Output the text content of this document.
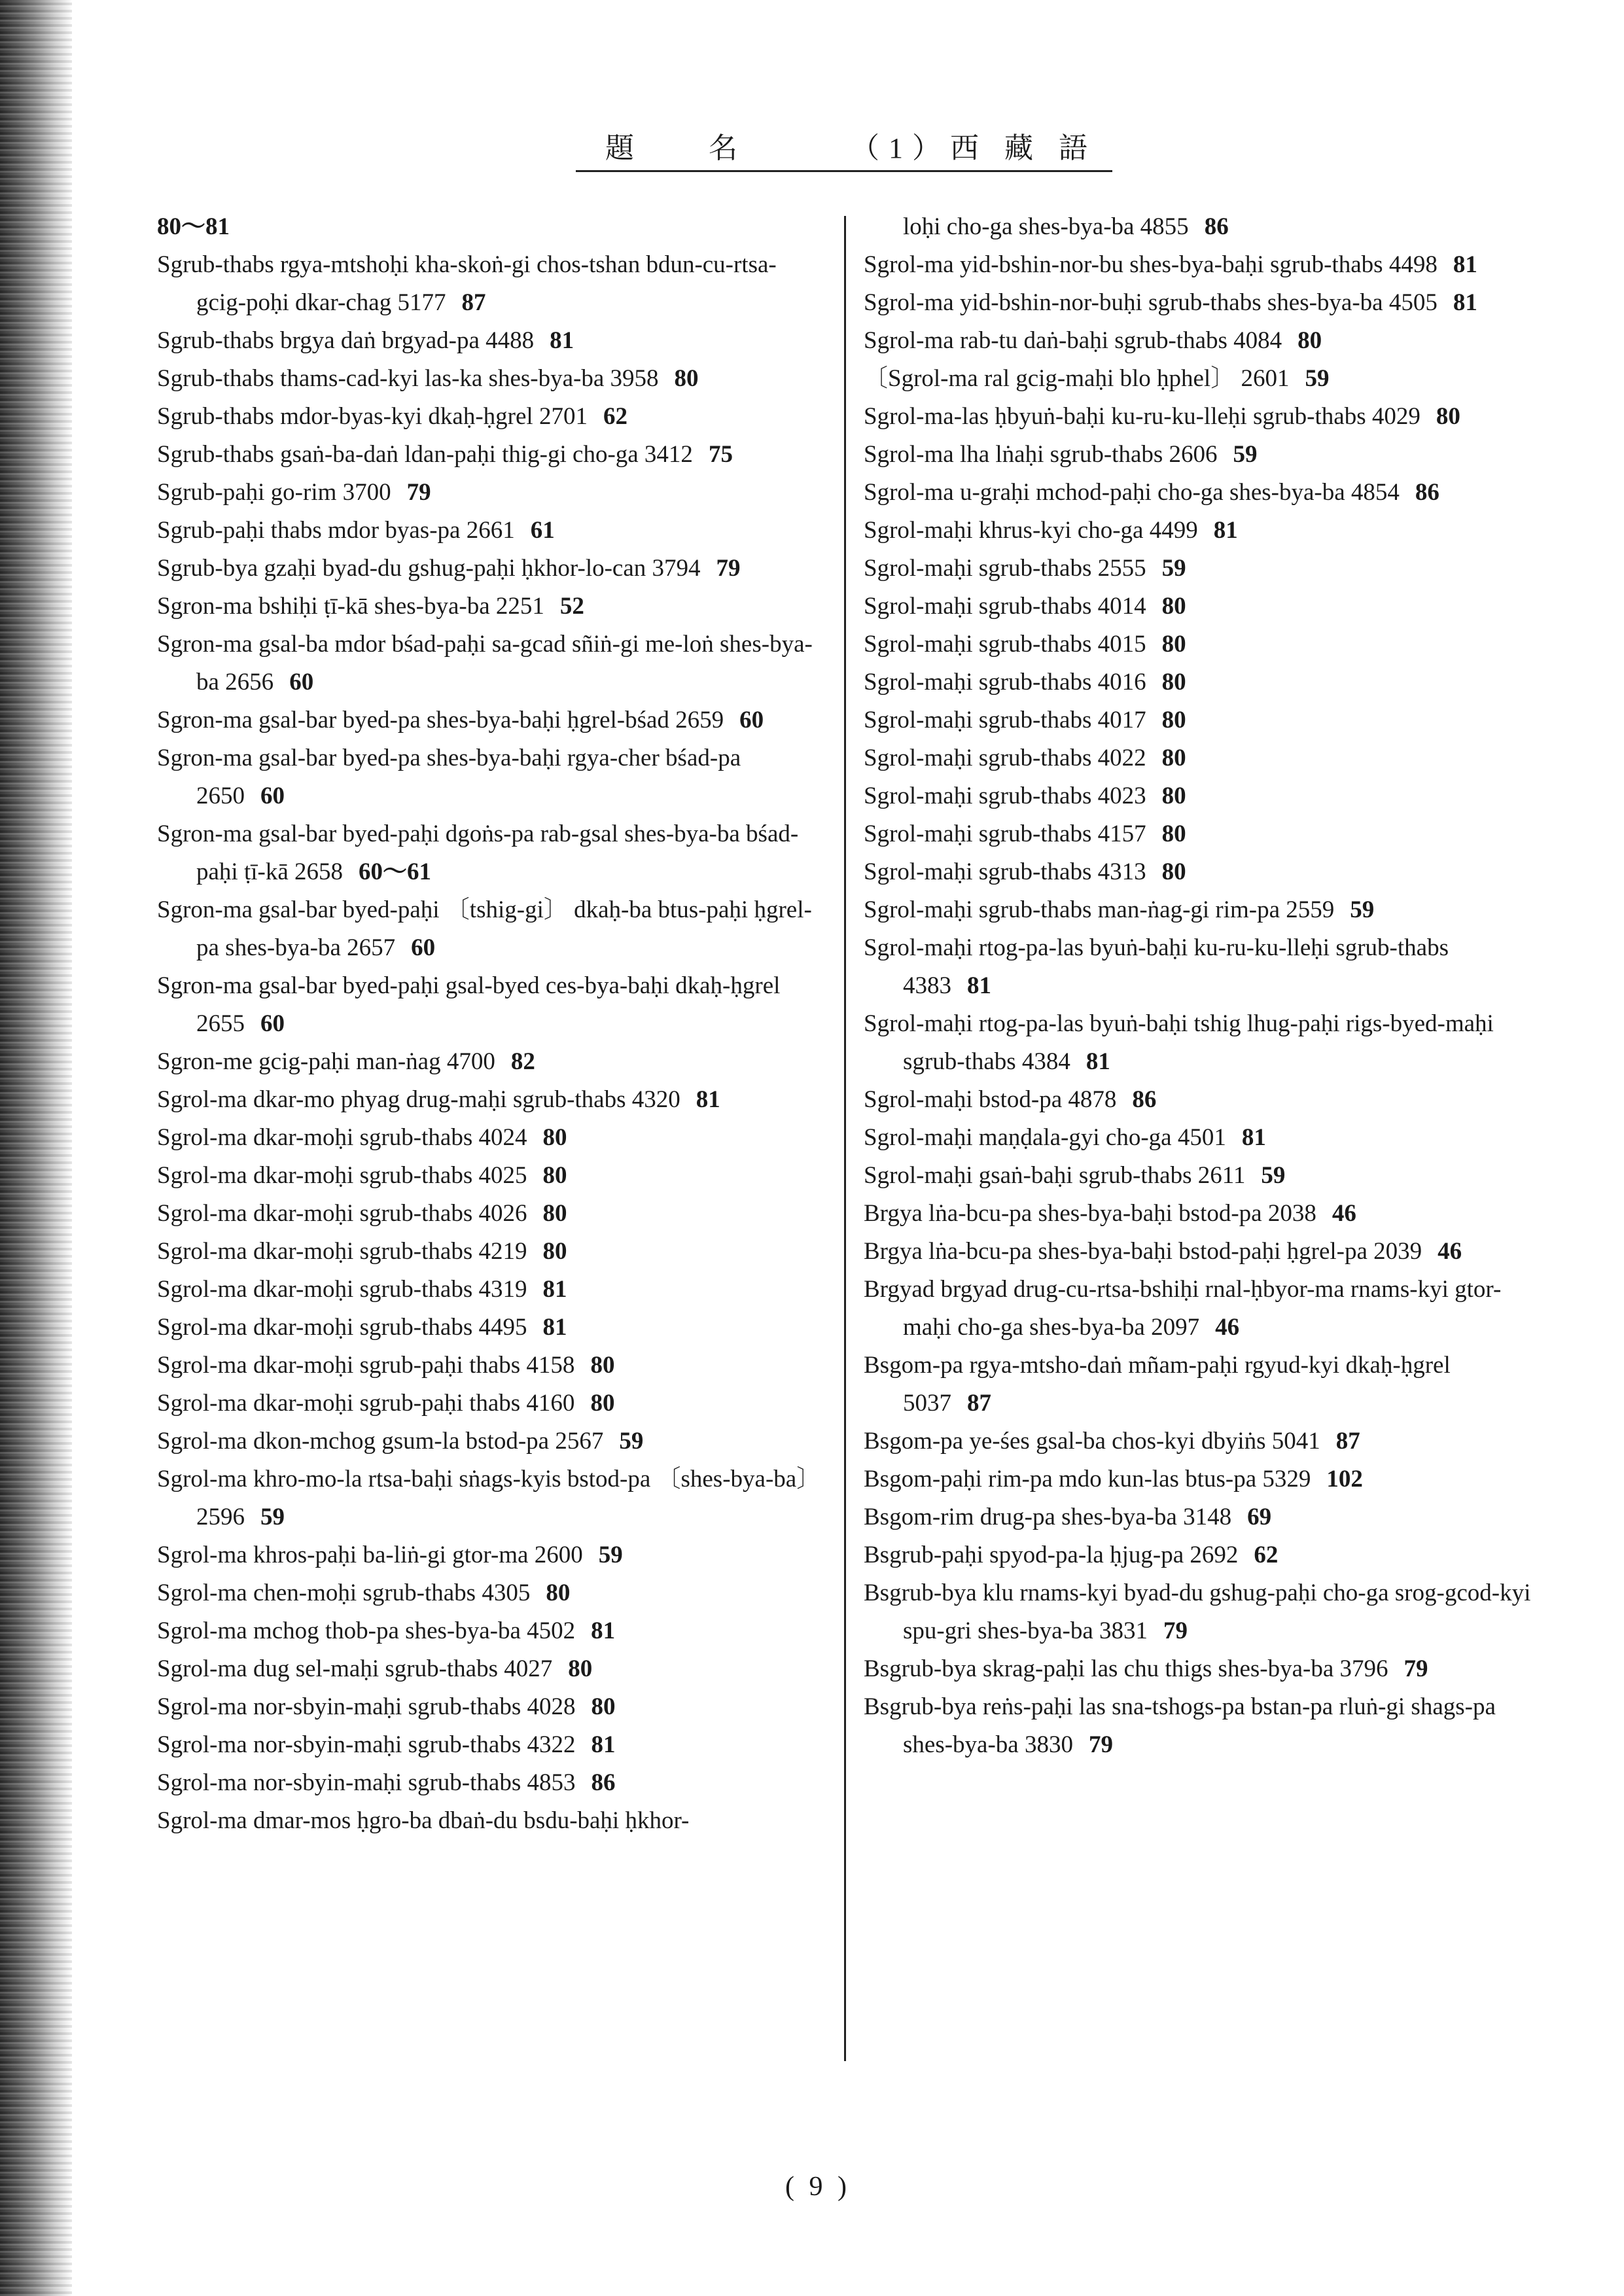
題	名	（1）西 藏 語
80～81
Sgrub-thabs rgya-mtshoḥi kha-skoṅ-gi chos-tshan bdun-cu-rtsa-gcig-poḥi dkar-chag 5177 87
Sgrub-thabs brgya daṅ brgyad-pa 4488 81
Sgrub-thabs thams-cad-kyi las-ka shes-bya-ba 3958 80
Sgrub-thabs mdor-byas-kyi dkaḥ-ḥgrel 2701 62
Sgrub-thabs gsaṅ-ba-daṅ ldan-paḥi thig-gi cho-ga 3412 75
Sgrub-paḥi go-rim 3700 79
Sgrub-paḥi thabs mdor byas-pa 2661 61
Sgrub-bya gzaḥi byad-du gshug-paḥi ḥkhor-lo-can 3794 79
Sgron-ma bshiḥi ṭī-kā shes-bya-ba 2251 52
Sgron-ma gsal-ba mdor bśad-paḥi sa-gcad sñiṅ-gi me-loṅ shes-bya-ba 2656 60
Sgron-ma gsal-bar byed-pa shes-bya-baḥi ḥgrel-bśad 2659 60
Sgron-ma gsal-bar byed-pa shes-bya-baḥi rgya-cher bśad-pa 2650 60
Sgron-ma gsal-bar byed-paḥi dgoṅs-pa rab-gsal shes-bya-ba bśad-paḥi ṭī-kā 2658 60～61
Sgron-ma gsal-bar byed-paḥi 〔tshig-gi〕 dkaḥ-ba btus-paḥi ḥgrel-pa shes-bya-ba 2657 60
Sgron-ma gsal-bar byed-paḥi gsal-byed ces-bya-baḥi dkaḥ-ḥgrel 2655 60
Sgron-me gcig-paḥi man-ṅag 4700 82
Sgrol-ma dkar-mo phyag drug-maḥi sgrub-thabs 4320 81
Sgrol-ma dkar-moḥi sgrub-thabs 4024 80
Sgrol-ma dkar-moḥi sgrub-thabs 4025 80
Sgrol-ma dkar-moḥi sgrub-thabs 4026 80
Sgrol-ma dkar-moḥi sgrub-thabs 4219 80
Sgrol-ma dkar-moḥi sgrub-thabs 4319 81
Sgrol-ma dkar-moḥi sgrub-thabs 4495 81
Sgrol-ma dkar-moḥi sgrub-paḥi thabs 4158 80
Sgrol-ma dkar-moḥi sgrub-paḥi thabs 4160 80
Sgrol-ma dkon-mchog gsum-la bstod-pa 2567 59
Sgrol-ma khro-mo-la rtsa-baḥi sṅags-kyis bstod-pa 〔shes-bya-ba〕 2596 59
Sgrol-ma khros-paḥi ba-liṅ-gi gtor-ma 2600 59
Sgrol-ma chen-moḥi sgrub-thabs 4305 80
Sgrol-ma mchog thob-pa shes-bya-ba 4502 81
Sgrol-ma dug sel-maḥi sgrub-thabs 4027 80
Sgrol-ma nor-sbyin-maḥi sgrub-thabs 4028 80
Sgrol-ma nor-sbyin-maḥi sgrub-thabs 4322 81
Sgrol-ma nor-sbyin-maḥi sgrub-thabs 4853 86
Sgrol-ma dmar-mos ḥgro-ba dbaṅ-du bsdu-baḥi ḥkhor-
loḥi cho-ga shes-bya-ba 4855 86
Sgrol-ma yid-bshin-nor-bu shes-bya-baḥi sgrub-thabs 4498 81
Sgrol-ma yid-bshin-nor-buḥi sgrub-thabs shes-bya-ba 4505 81
Sgrol-ma rab-tu daṅ-baḥi sgrub-thabs 4084 80
〔Sgrol-ma ral gcig-maḥi blo ḥphel〕 2601 59
Sgrol-ma-las ḥbyuṅ-baḥi ku-ru-ku-lleḥi sgrub-thabs 4029 80
Sgrol-ma lha lṅaḥi sgrub-thabs 2606 59
Sgrol-ma u-graḥi mchod-paḥi cho-ga shes-bya-ba 4854 86
Sgrol-maḥi khrus-kyi cho-ga 4499 81
Sgrol-maḥi sgrub-thabs 2555 59
Sgrol-maḥi sgrub-thabs 4014 80
Sgrol-maḥi sgrub-thabs 4015 80
Sgrol-maḥi sgrub-thabs 4016 80
Sgrol-maḥi sgrub-thabs 4017 80
Sgrol-maḥi sgrub-thabs 4022 80
Sgrol-maḥi sgrub-thabs 4023 80
Sgrol-maḥi sgrub-thabs 4157 80
Sgrol-maḥi sgrub-thabs 4313 80
Sgrol-maḥi sgrub-thabs man-ṅag-gi rim-pa 2559 59
Sgrol-maḥi rtog-pa-las byuṅ-baḥi ku-ru-ku-lleḥi sgrub-thabs 4383 81
Sgrol-maḥi rtog-pa-las byuṅ-baḥi tshig lhug-paḥi rigs-byed-maḥi sgrub-thabs 4384 81
Sgrol-maḥi bstod-pa 4878 86
Sgrol-maḥi maṇḍala-gyi cho-ga 4501 81
Sgrol-maḥi gsaṅ-baḥi sgrub-thabs 2611 59
Brgya lṅa-bcu-pa shes-bya-baḥi bstod-pa 2038 46
Brgya lṅa-bcu-pa shes-bya-baḥi bstod-paḥi ḥgrel-pa 2039 46
Brgyad brgyad drug-cu-rtsa-bshiḥi rnal-ḥbyor-ma rnams-kyi gtor-maḥi cho-ga shes-bya-ba 2097 46
Bsgom-pa rgya-mtsho-daṅ mñam-paḥi rgyud-kyi dkaḥ-ḥgrel 5037 87
Bsgom-pa ye-śes gsal-ba chos-kyi dbyiṅs 5041 87
Bsgom-paḥi rim-pa mdo kun-las btus-pa 5329 102
Bsgom-rim drug-pa shes-bya-ba 3148 69
Bsgrub-paḥi spyod-pa-la ḥjug-pa 2692 62
Bsgrub-bya klu rnams-kyi byad-du gshug-paḥi cho-ga srog-gcod-kyi spu-gri shes-bya-ba 3831 79
Bsgrub-bya skrag-paḥi las chu thigs shes-bya-ba 3796 79
Bsgrub-bya reṅs-paḥi las sna-tshogs-pa bstan-pa rluṅ-gi shags-pa shes-bya-ba 3830 79
( 9 )
